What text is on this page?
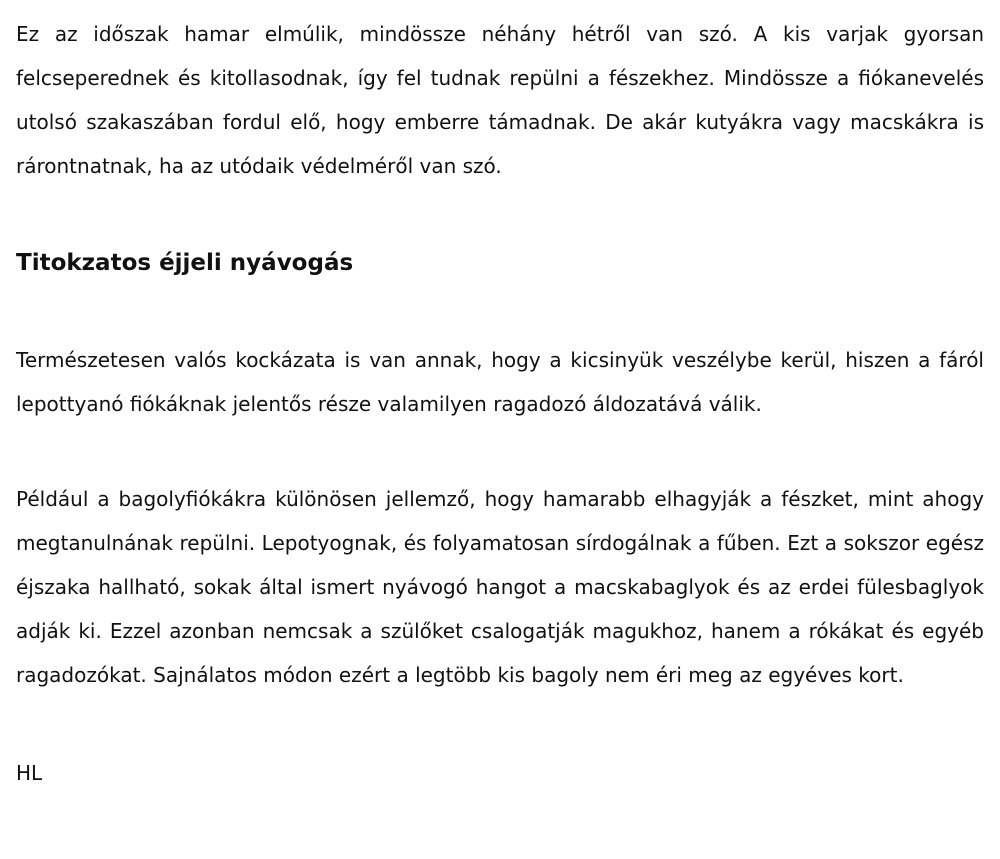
Ez az időszak hamar elmúlik, mindössze néhány hétről van szó. A kis varjak gyorsan felcseperednek és kitollasodnak, így fel tudnak repülni a fészekhez. Mindössze a fiókanevelés utolsó szakaszában fordul elő, hogy emberre támadnak. De akár kutyákra vagy macskákra is rárontnatnak, ha az utódaik védelméről van szó.

Titokzatos éjjeli nyávogás

Természetesen valós kockázata is van annak, hogy a kicsinyük veszélybe kerül, hiszen a fáról lepottyanó fiókáknak jelentős része valamilyen ragadozó áldozatává válik.

Például a bagolyfiókákra különösen jellemző, hogy hamarabb elhagyják a fészket, mint ahogy megtanulnának repülni. Lepotyognak, és folyamatosan sírdogálnak a fűben. Ezt a sokszor egész éjszaka hallható, sokak által ismert nyávogó hangot a macskabaglyok és az erdei fülesbaglyok adják ki. Ezzel azonban nemcsak a szülőket csalogatják magukhoz, hanem a rókákat és egyéb ragadozókat. Sajnálatos módon ezért a legtöbb kis bagoly nem éri meg az egyéves kort.

HL
